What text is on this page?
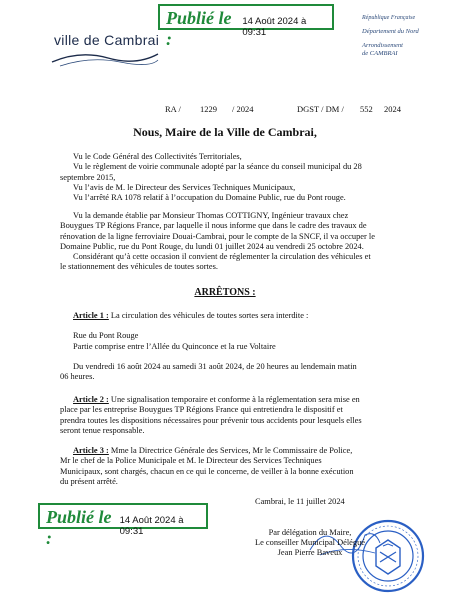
Publié le :
14 Août 2024 à 09:31
ville de Cambrai
République Française
Département du Nord
Arrondissement
de CAMBRAI
RA / 1229 / 2024	DGST / DM / 552 2024
Nous, Maire de la Ville de Cambrai,
Vu le Code Général des Collectivités Territoriales,
Vu le règlement de voirie communale adopté par la séance du conseil municipal du 28
septembre 2015,
Vu l’avis de M. le Directeur des Services Techniques Municipaux,
Vu l’arrêté RA 1078 relatif à l’occupation du Domaine Public, rue du Pont rouge.
Vu la demande établie par Monsieur Thomas COTTIGNY, Ingénieur travaux chez
Bouygues TP Régions France, par laquelle il nous informe que dans le cadre des travaux de
rénovation de la ligne ferroviaire Douai-Cambrai, pour le compte de la SNCF, il va occuper le
Domaine Public, rue du Pont Rouge, du lundi 01 juillet 2024 au vendredi 25 octobre 2024.
Considérant qu’à cette occasion il convient de réglementer la circulation des véhicules et
le stationnement des véhicules de toutes sortes.
ARRÊTONS :
Article 1 : La circulation des véhicules de toutes sortes sera interdite :
Rue du Pont Rouge
Partie comprise entre l’Allée du Quinconce et la rue Voltaire
Du vendredi 16 août 2024 au samedi 31 août 2024, de 20 heures au lendemain matin
06 heures.
Article 2 : Une signalisation temporaire et conforme à la réglementation sera mise en
place par les entreprise Bouygues TP Régions France qui entretiendra le dispositif et
prendra toutes les dispositions nécessaires pour prévenir tous accidents pour lesquels elles
seront tenue responsable.
Article 3 : Mme la Directrice Générale des Services, Mr le Commissaire de Police,
Mr le chef de la Police Municipale et M. le Directeur des Services Techniques
Municipaux, sont chargés, chacun en ce qui le concerne, de veiller à la bonne exécution
du présent arrêté.
Cambrai, le 11 juillet 2024
Publié le :
14 Août 2024 à 09:31	Par délégation du Maire,
Le conseiller Municipal Délégué
Jean Pierre Baveux
